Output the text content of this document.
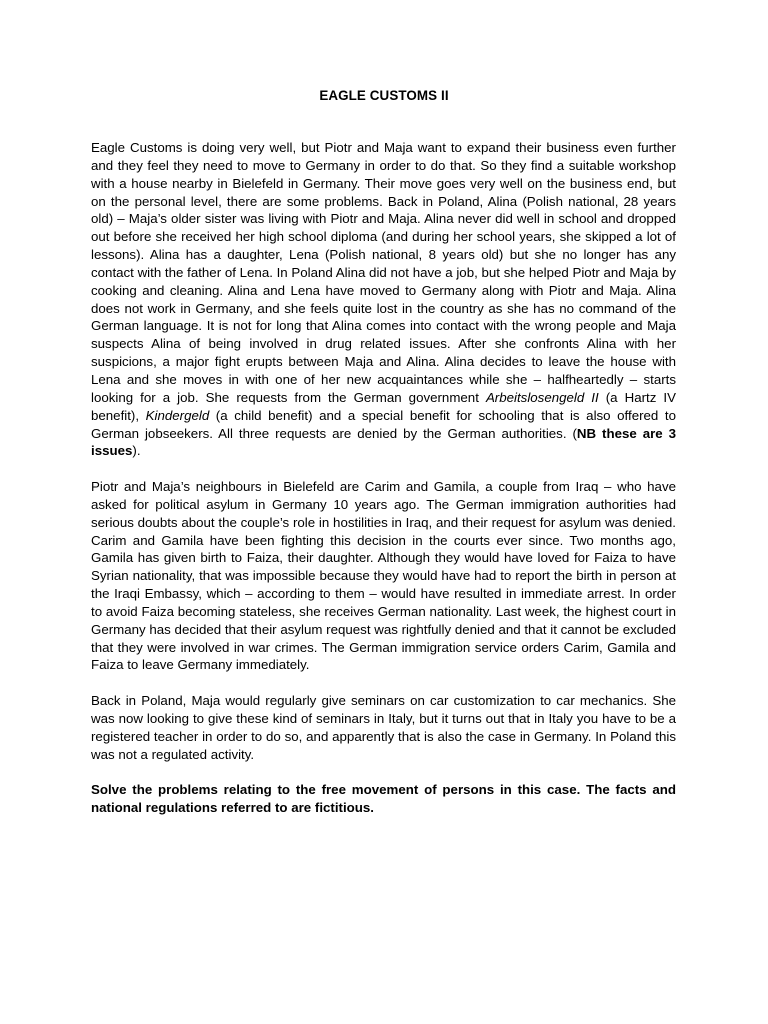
EAGLE CUSTOMS II

Eagle Customs is doing very well, but Piotr and Maja want to expand their business even further and they feel they need to move to Germany in order to do that. So they find a suitable workshop with a house nearby in Bielefeld in Germany. Their move goes very well on the business end, but on the personal level, there are some problems. Back in Poland, Alina (Polish national, 28 years old) – Maja’s older sister was living with Piotr and Maja. Alina never did well in school and dropped out before she received her high school diploma (and during her school years, she skipped a lot of lessons). Alina has a daughter, Lena (Polish national, 8 years old) but she no longer has any contact with the father of Lena. In Poland Alina did not have a job, but she helped Piotr and Maja by cooking and cleaning. Alina and Lena have moved to Germany along with Piotr and Maja. Alina does not work in Germany, and she feels quite lost in the country as she has no command of the German language. It is not for long that Alina comes into contact with the wrong people and Maja suspects Alina of being involved in drug related issues. After she confronts Alina with her suspicions, a major fight erupts between Maja and Alina. Alina decides to leave the house with Lena and she moves in with one of her new acquaintances while she – halfheartedly – starts looking for a job. She requests from the German government Arbeitslosengeld II (a Hartz IV benefit), Kindergeld (a child benefit) and a special benefit for schooling that is also offered to German jobseekers. All three requests are denied by the German authorities. (NB these are 3 issues).

Piotr and Maja’s neighbours in Bielefeld are Carim and Gamila, a couple from Iraq – who have asked for political asylum in Germany 10 years ago. The German immigration authorities had serious doubts about the couple’s role in hostilities in Iraq, and their request for asylum was denied. Carim and Gamila have been fighting this decision in the courts ever since. Two months ago, Gamila has given birth to Faiza, their daughter. Although they would have loved for Faiza to have Syrian nationality, that was impossible because they would have had to report the birth in person at the Iraqi Embassy, which – according to them – would have resulted in immediate arrest. In order to avoid Faiza becoming stateless, she receives German nationality. Last week, the highest court in Germany has decided that their asylum request was rightfully denied and that it cannot be excluded that they were involved in war crimes. The German immigration service orders Carim, Gamila and Faiza to leave Germany immediately.

Back in Poland, Maja would regularly give seminars on car customization to car mechanics. She was now looking to give these kind of seminars in Italy, but it turns out that in Italy you have to be a registered teacher in order to do so, and apparently that is also the case in Germany. In Poland this was not a regulated activity.

Solve the problems relating to the free movement of persons in this case. The facts and national regulations referred to are fictitious.
